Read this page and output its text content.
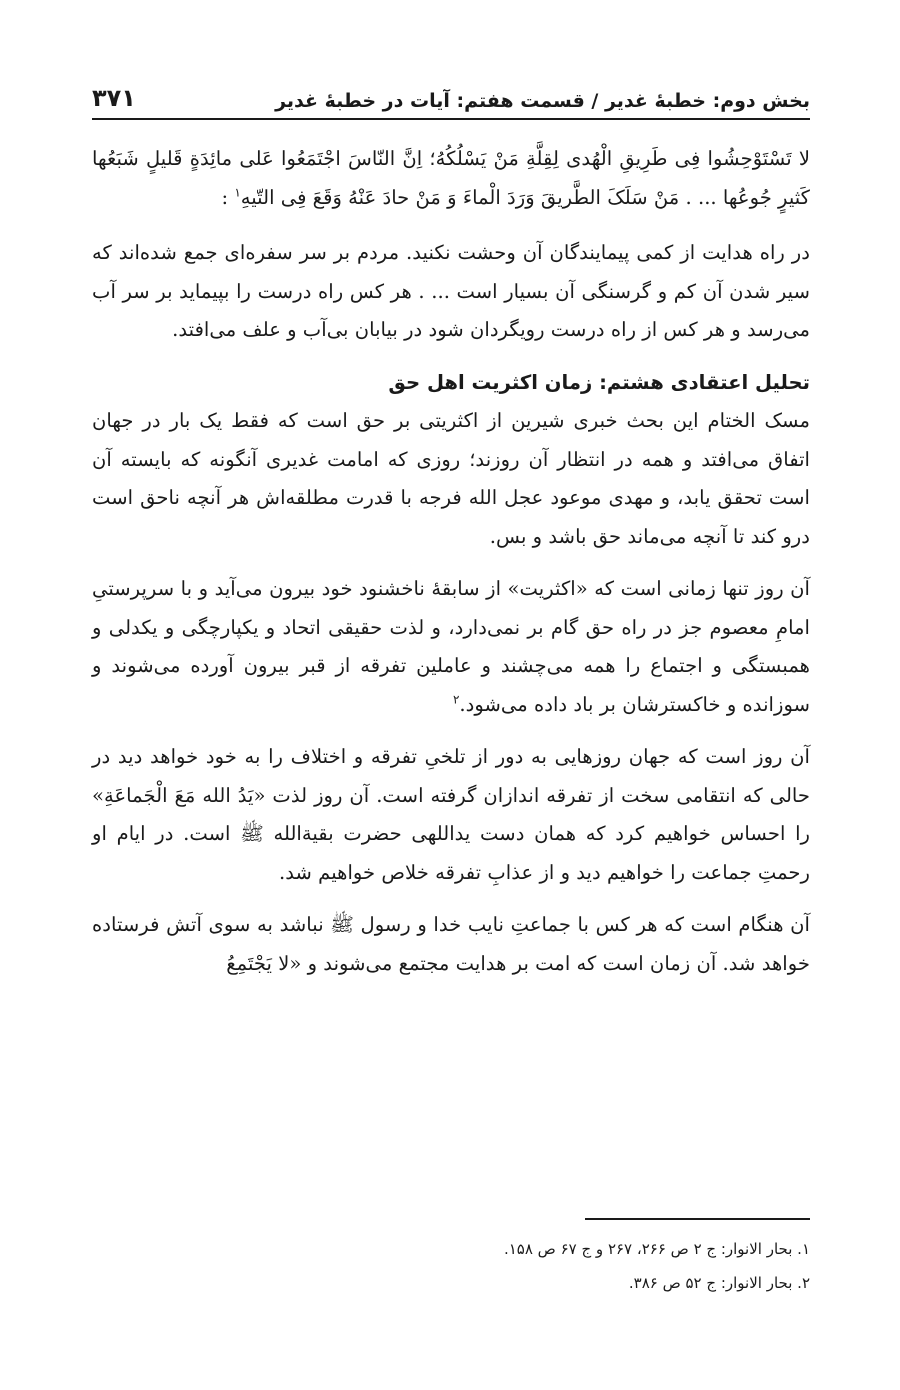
بخش دوم: خطبهٔ غدیر / قسمت هفتم: آیات در خطبهٔ غدیر
۳۷۱

لا تَسْتَوْحِشُوا فِی طَرِیقِ الْهُدی لِقِلَّةِ مَنْ یَسْلُکُهُ؛ اِنَّ النّاسَ اجْتَمَعُوا عَلی مائِدَةٍ قَلیلٍ شَبَعُها کَثیرٍ جُوعُها ... . مَنْ سَلَکَ الطَّریقَ وَرَدَ الْماءَ وَ مَنْ حادَ عَنْهُ وَقَعَ فِی التّیهِ$^۱$ :

در راه هدایت از کمی پیمایندگان آن وحشت نکنید. مردم بر سر سفره‌ای جمع شده‌اند که سیر شدن آن کم و گرسنگی آن بسیار است ... . هر کس راه درست را بپیماید بر سر آب می‌رسد و هر کس از راه درست رویگردان شود در بیابان بی‌آب و علف می‌افتد.

تحلیل اعتقادی هشتم: زمان اکثریت اهل حق

مسک الختام این بحث خبری شیرین از اکثریتی بر حق است که فقط یک بار در جهان اتفاق می‌افتد و همه در انتظار آن روزند؛ روزی که امامت غدیری آنگونه که بایسته آن است تحقق یابد، و مهدی موعود عجل الله فرجه با قدرت مطلقه‌اش هر آنچه ناحق است درو کند تا آنچه می‌ماند حق باشد و بس.

آن روز تنها زمانی است که «اکثریت» از سابقهٔ ناخشنود خود بیرون می‌آید و با سرپرستیِ امامِ معصوم جز در راه حق گام بر نمی‌دارد، و لذت حقیقی اتحاد و یکپارچگی و یکدلی و همبستگی و اجتماع را همه می‌چشند و عاملین تفرقه از قبر بیرون آورده می‌شوند و سوزانده و خاکسترشان بر باد داده می‌شود.$^۲$

آن روز است که جهان روزهایی به دور از تلخیِ تفرقه و اختلاف را به خود خواهد دید در حالی که انتقامی سخت از تفرقه اندازان گرفته است. آن روز لذت «یَدُ الله مَعَ الْجَماعَةِ» را احساس خواهیم کرد که همان دست یداللهی حضرت بقیةالله ﷺ است. در ایام او رحمتِ جماعت را خواهیم دید و از عذابِ تفرقه خلاص خواهیم شد.

آن هنگام است که هر کس با جماعتِ نایب خدا و رسول ﷺ نباشد به سوی آتش فرستاده خواهد شد. آن زمان است که امت بر هدایت مجتمع می‌شوند و «لا یَجْتَمِعُ

۱. بحار الانوار: ج ۲ ص ۲۶۶، ۲۶۷ و ج ۶۷ ص ۱۵۸.
۲. بحار الانوار: ج ۵۲ ص ۳۸۶.
